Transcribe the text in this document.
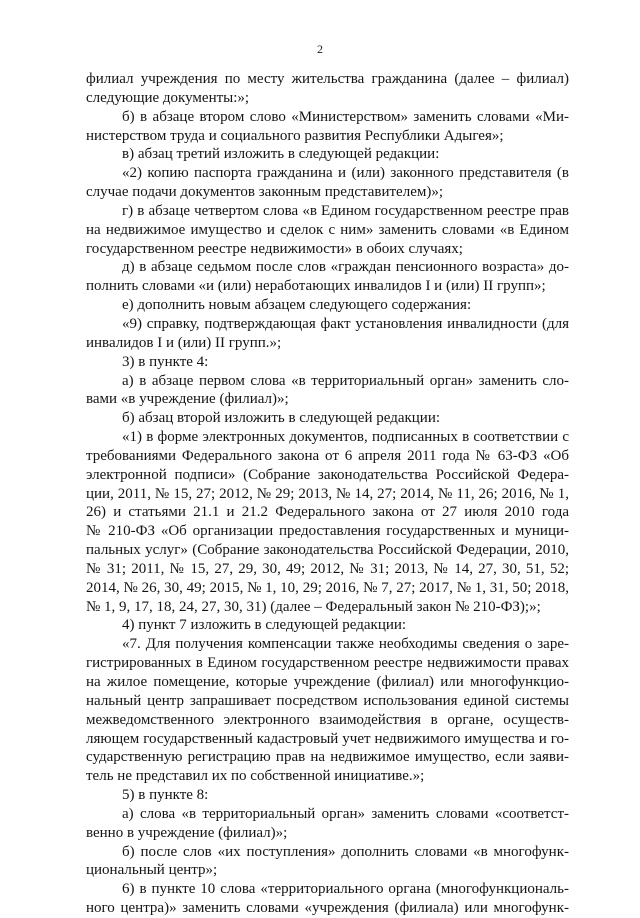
2
филиал учреждения по месту жительства гражданина (далее – филиал)
следующие документы:»;
б) в абзаце втором слово «Министерством» заменить словами «Ми-
нистерством труда и социального развития Республики Адыгея»;
в) абзац третий изложить в следующей редакции:
«2) копию паспорта гражданина и (или) законного представителя (в
случае подачи документов законным представителем)»;
г) в абзаце четвертом слова «в Едином государственном реестре прав
на недвижимое имущество и сделок с ним» заменить словами «в Едином
государственном реестре недвижимости» в обоих случаях;
д) в абзаце седьмом после слов «граждан пенсионного возраста» до-
полнить словами «и (или) неработающих инвалидов I и (или) II групп»;
е) дополнить новым абзацем следующего содержания:
«9) справку, подтверждающая факт установления инвалидности (для
инвалидов I и (или) II групп.»;
3) в пункте 4:
а) в абзаце первом слова «в территориальный орган» заменить сло-
вами «в учреждение (филиал)»;
б) абзац второй изложить в следующей редакции:
«1) в форме электронных документов, подписанных в соответствии с
требованиями Федерального закона от 6 апреля 2011 года № 63-ФЗ «Об
электронной подписи» (Собрание законодательства Российской Федера-
ции, 2011, № 15, 27; 2012, № 29; 2013, № 14, 27; 2014, № 11, 26; 2016, № 1,
26) и статьями 21.1 и 21.2 Федерального закона от 27 июля 2010 года
№ 210-ФЗ «Об организации предоставления государственных и муници-
пальных услуг» (Собрание законодательства Российской Федерации, 2010,
№ 31; 2011, № 15, 27, 29, 30, 49; 2012, № 31; 2013, № 14, 27, 30, 51, 52;
2014, № 26, 30, 49; 2015, № 1, 10, 29; 2016, № 7, 27; 2017, № 1, 31, 50; 2018,
№ 1, 9, 17, 18, 24, 27, 30, 31) (далее – Федеральный закон № 210-ФЗ);»;
4) пункт 7 изложить в следующей редакции:
«7. Для получения компенсации также необходимы сведения о заре-
гистрированных в Едином государственном реестре недвижимости правах
на жилое помещение, которые учреждение (филиал) или многофункцио-
нальный центр запрашивает посредством использования единой системы
межведомственного электронного взаимодействия в органе, осуществ-
ляющем государственный кадастровый учет недвижимого имущества и го-
сударственную регистрацию прав на недвижимое имущество, если заяви-
тель не представил их по собственной инициативе.»;
5) в пункте 8:
а) слова «в территориальный орган» заменить словами «соответст-
венно в учреждение (филиал)»;
б) после слов «их поступления» дополнить словами «в многофунк-
циональный центр»;
6) в пункте 10 слова «территориального органа (многофункциональ-
ного центра)» заменить словами «учреждения (филиала) или многофунк-
